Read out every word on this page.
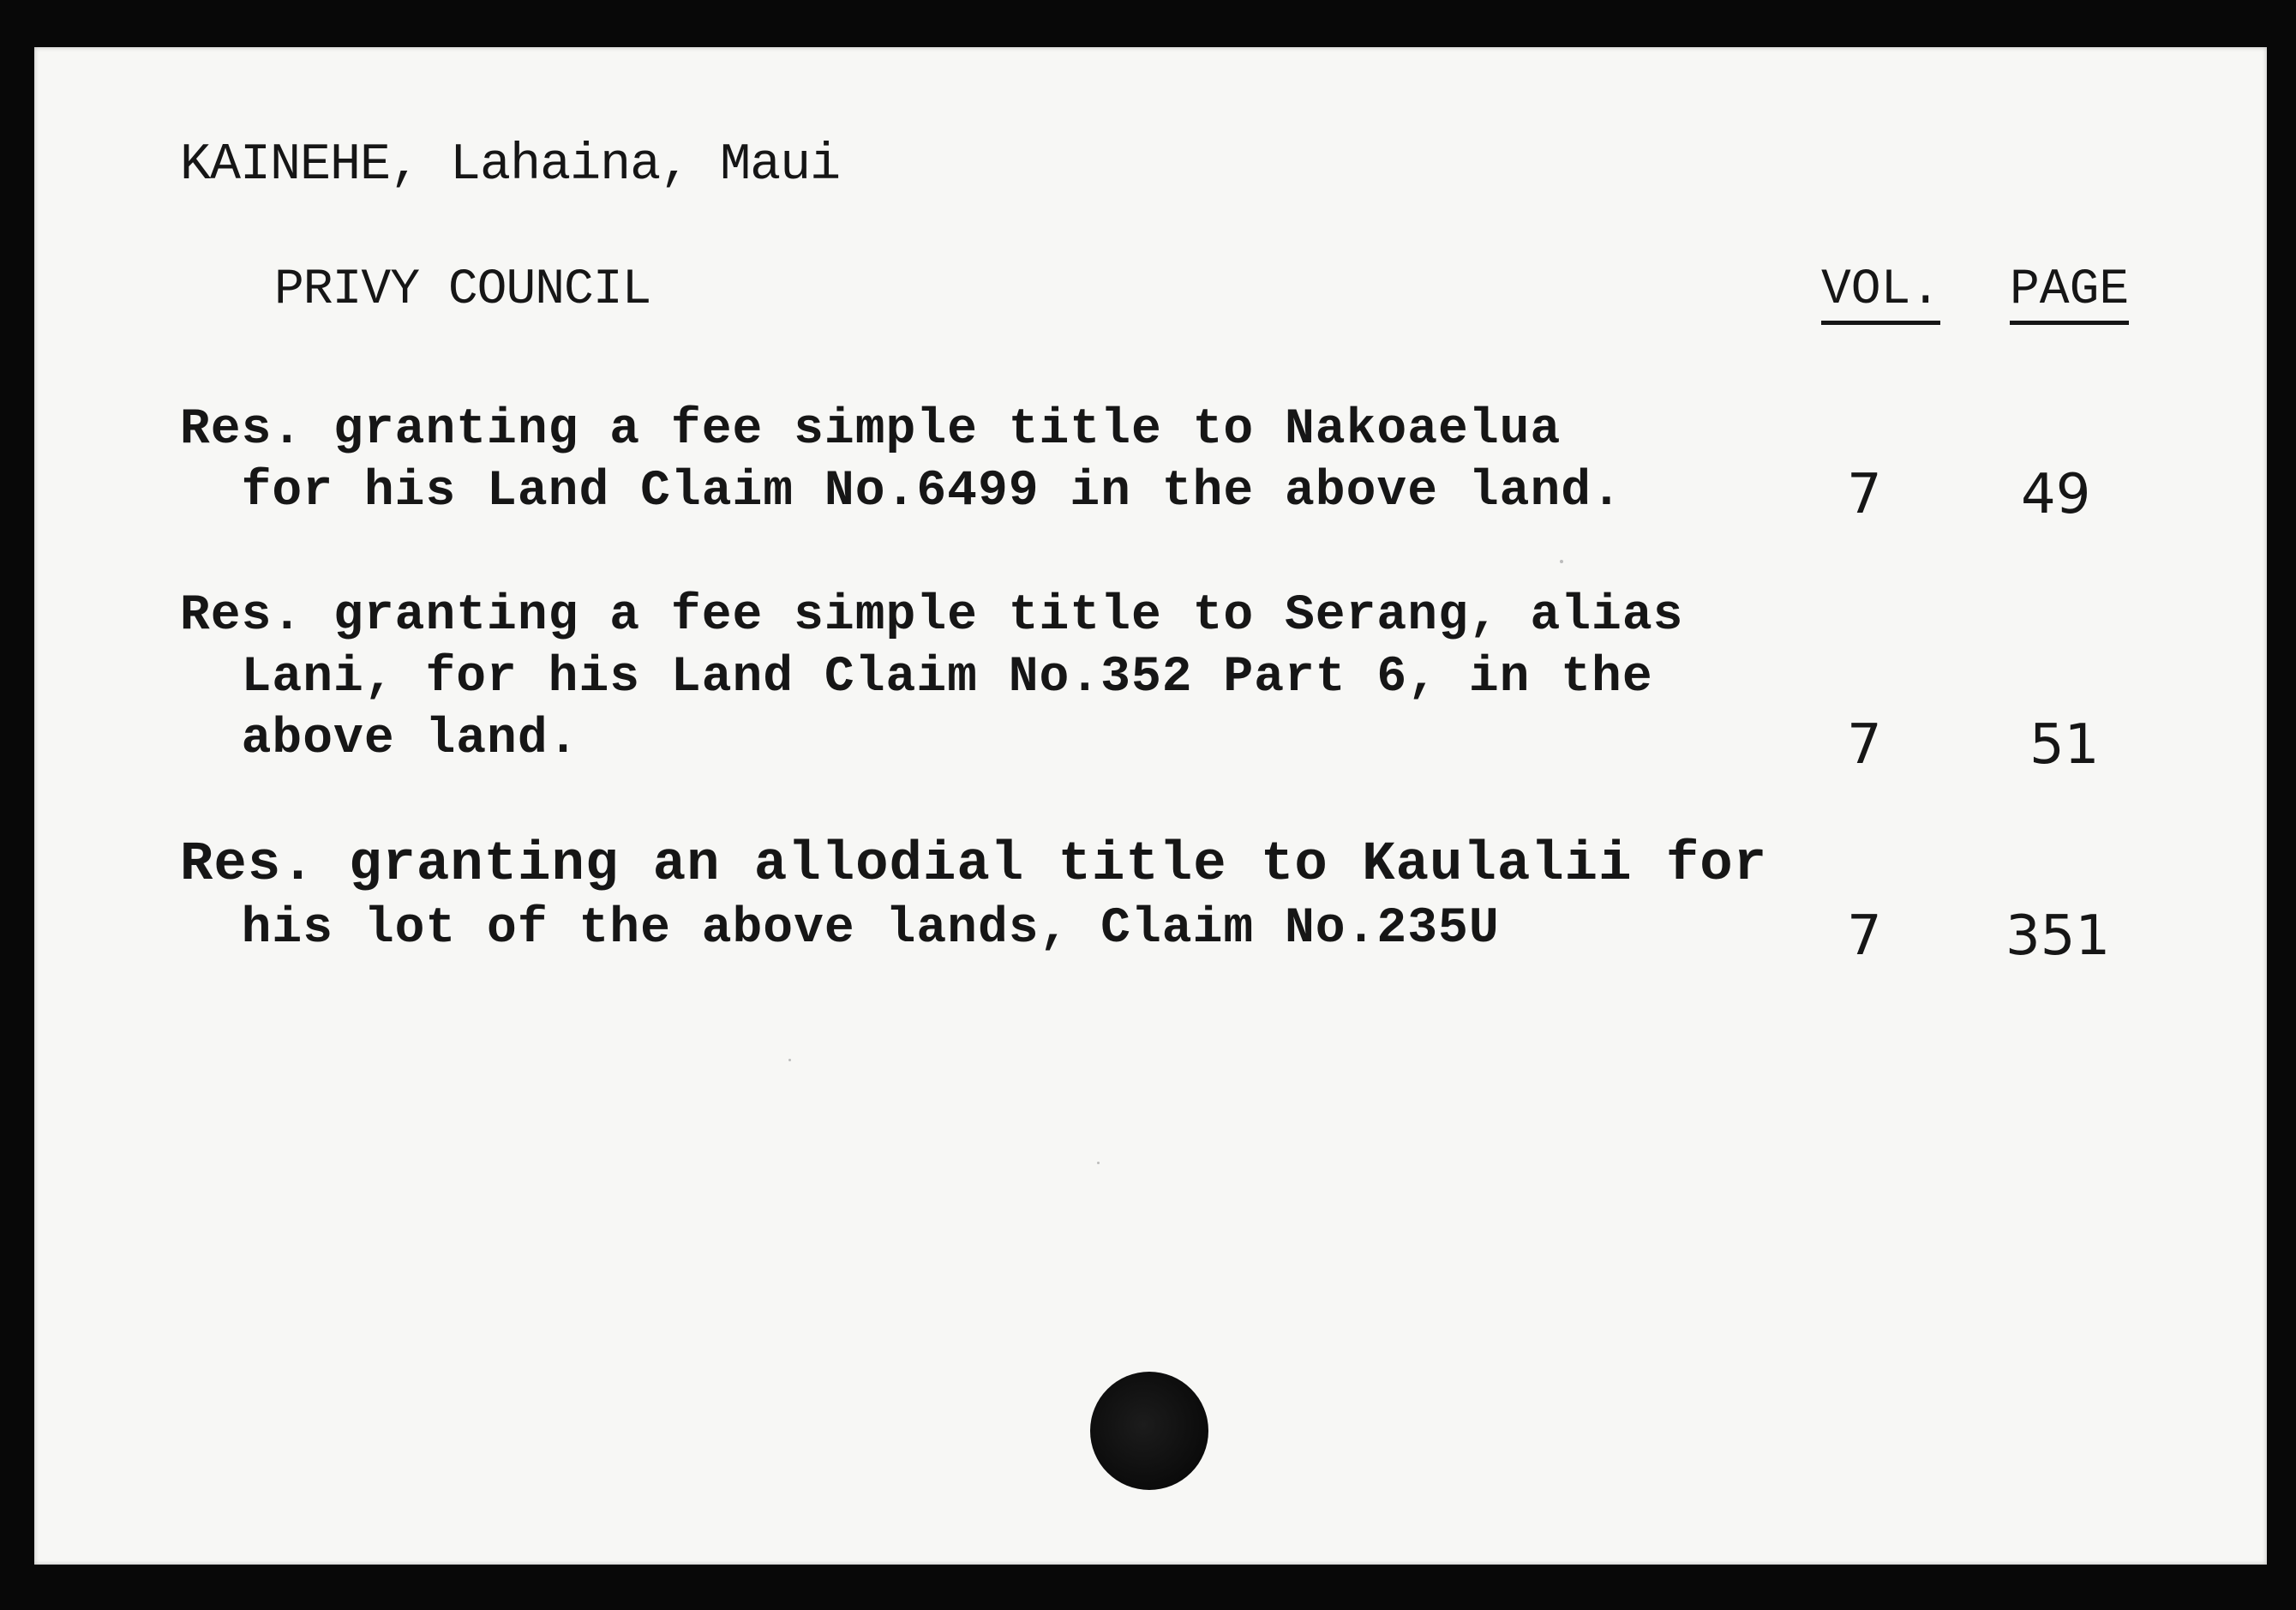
KAINEHE, Lahaina, Maui
PRIVY COUNCIL	VOL. PAGE
Res. granting a fee simple title to Nakoaelua
for his Land Claim No.6499 in the above land.	7	49
Res. granting a fee simple title to Serang, alias
Lani, for his Land Claim No.352 Part 6, in the
above land.	7	51
Res. granting an allodial title to Kaulalii for
his lot of the above lands, Claim No.235U	7 351
